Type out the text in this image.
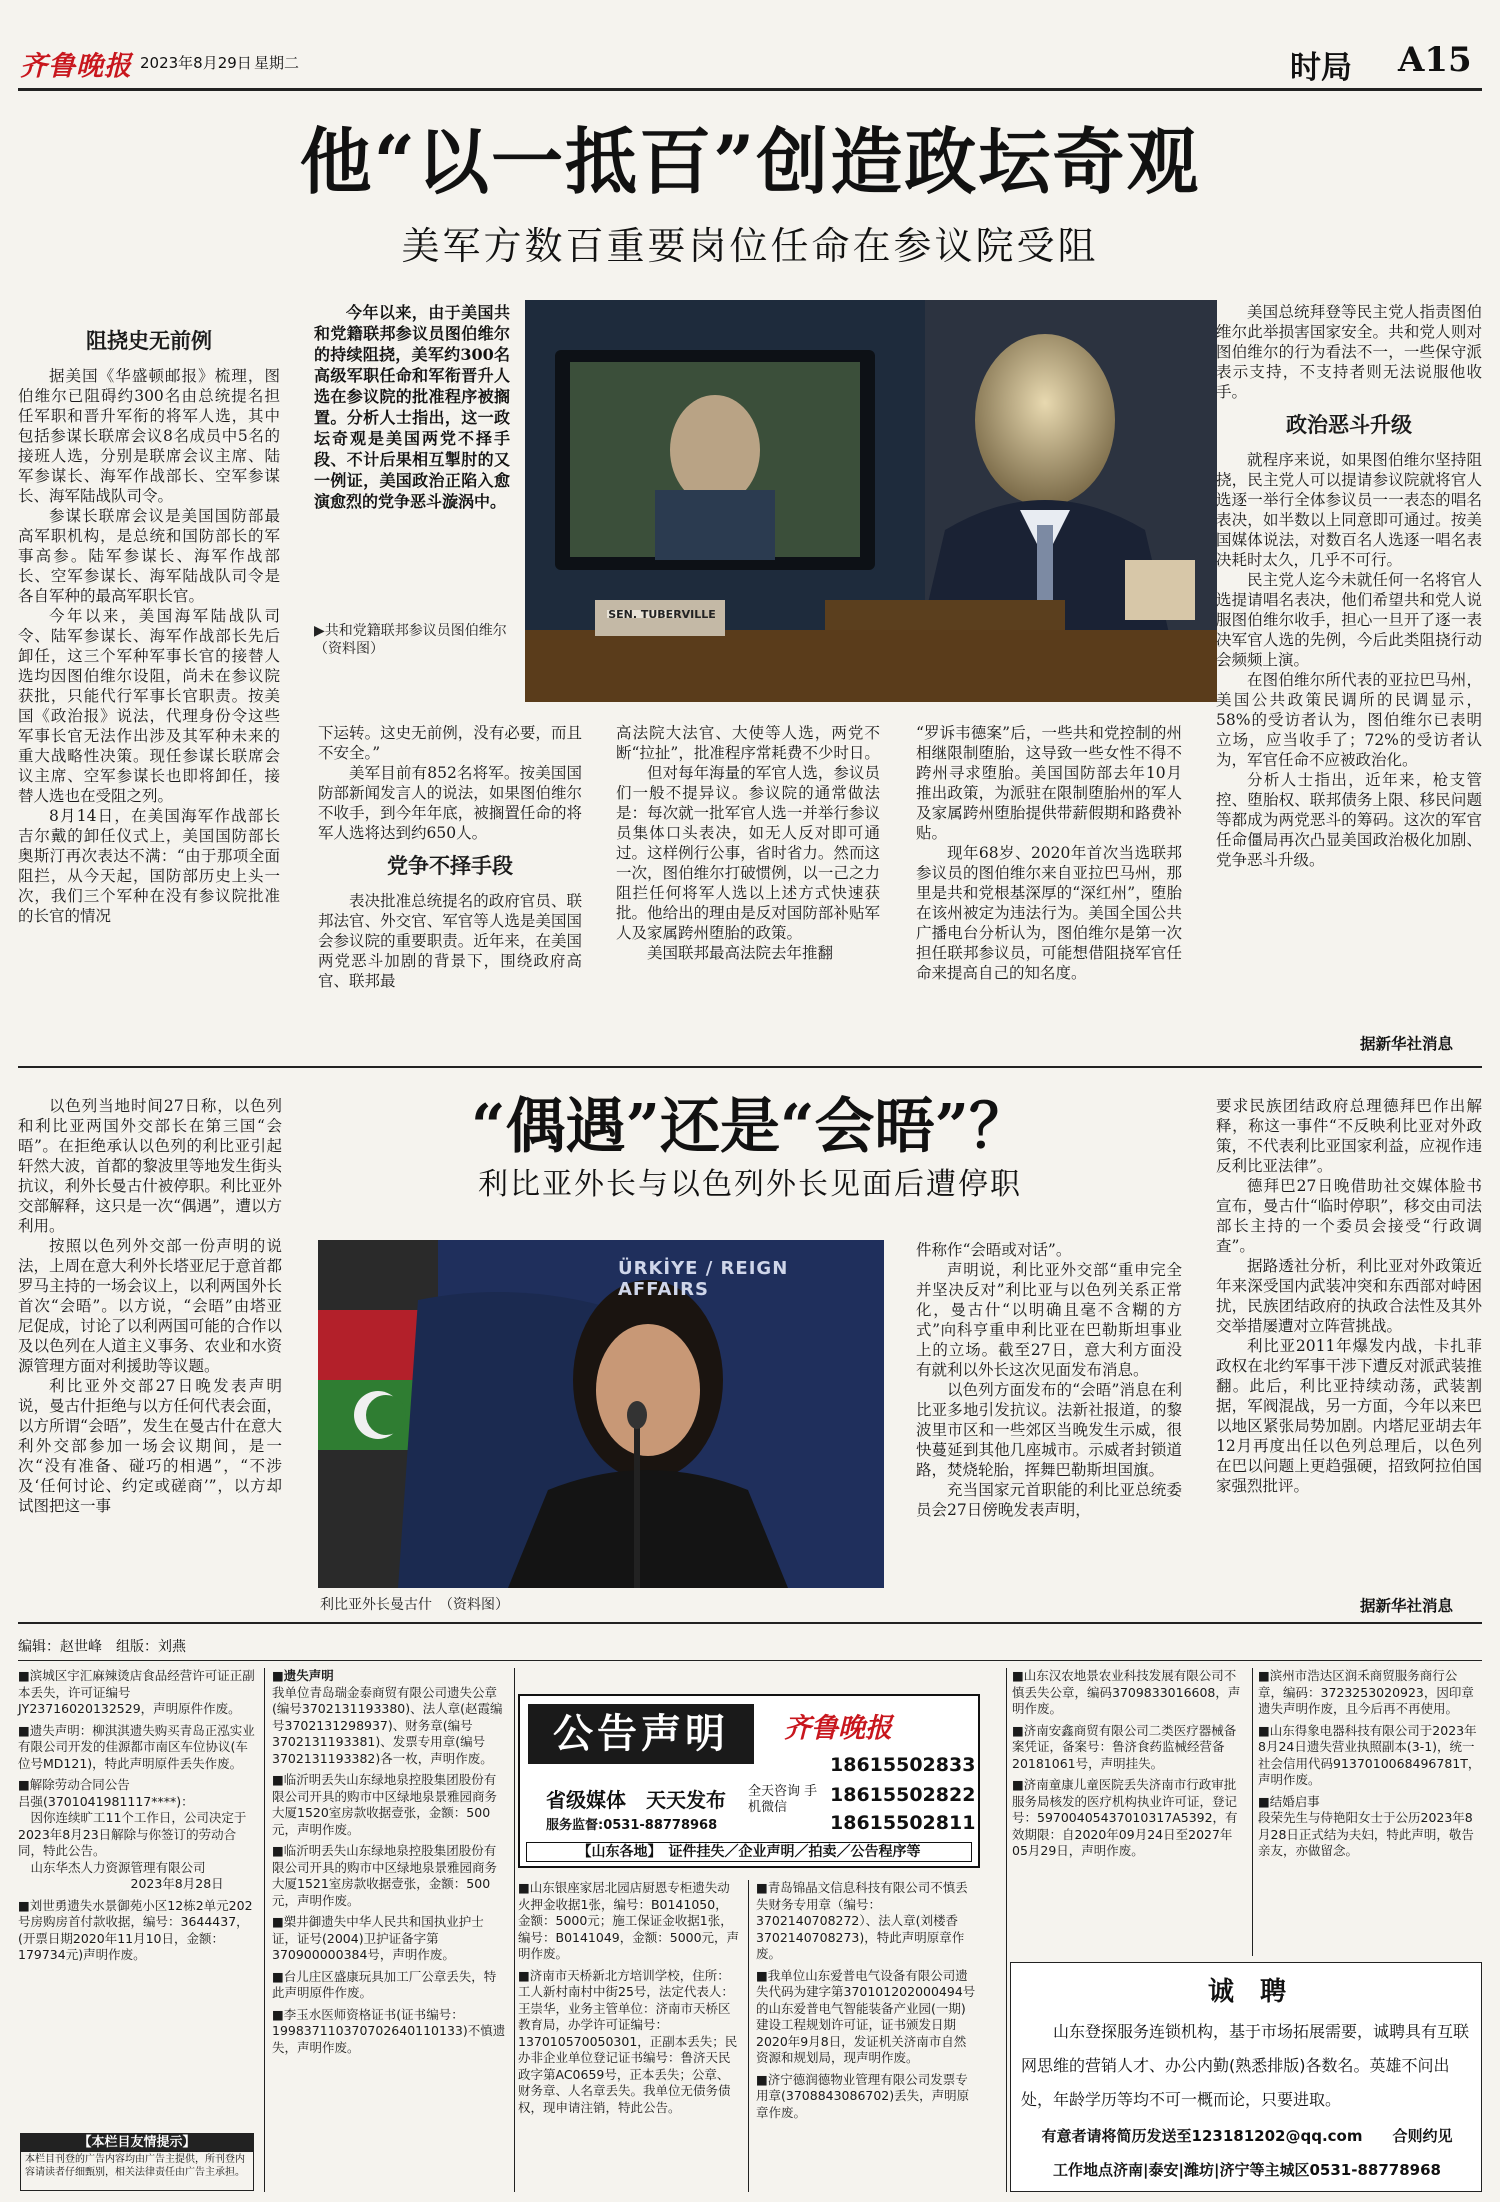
齐鲁晚报 2023年8月29日 星期二	时局 A15
他“以一抵百”创造政坛奇观
美军方数百重要岗位任命在参议院受阻
阻挠史无前例

据美国《华盛顿邮报》梳理，图伯维尔已阻碍约300名由总统提名担任军职和晋升军衔的将军人选，其中包括参谋长联席会议8名成员中5名的接班人选，分别是联席会议主席、陆军参谋长、海军作战部长、空军参谋长、海军陆战队司令。

参谋长联席会议是美国国防部最高军职机构，是总统和国防部长的军事高参。陆军参谋长、海军作战部长、空军参谋长、海军陆战队司令是各自军种的最高军职长官。

今年以来，美国海军陆战队司令、陆军参谋长、海军作战部长先后卸任，这三个军种军事长官的接替人选均因图伯维尔设阻，尚未在参议院获批，只能代行军事长官职责。按美国《政治报》说法，代理身份令这些军事长官无法作出涉及其军种未来的重大战略性决策。现任参谋长联席会议主席、空军参谋长也即将卸任，接替人选也在受阻之列。

8月14日，在美国海军作战部长吉尔戴的卸任仪式上，美国国防部长奥斯汀再次表达不满：“由于那项全面阻拦，从今天起，国防部历史上头一次，我们三个军种在没有参议院批准的长官的情况

今年以来，由于美国共和党籍联邦参议员图伯维尔的持续阻挠，美军约300名高级军职任命和军衔晋升人选在参议院的批准程序被搁置。分析人士指出，这一政坛奇观是美国两党不择手段、不计后果相互掣肘的又一例证，美国政治正陷入愈演愈烈的党争恶斗漩涡中。
▶共和党籍联邦参议员图伯维尔　（资料图）
SEN. TUBERVILLE

下运转。这史无前例，没有必要，而且不安全。”

美军目前有852名将军。按美国国防部新闻发言人的说法，如果图伯维尔不收手，到今年年底，被搁置任命的将军人选将达到约650人。

党争不择手段

表决批准总统提名的政府官员、联邦法官、外交官、军官等人选是美国国会参议院的重要职责。近年来，在美国两党恶斗加剧的背景下，围绕政府高官、联邦最

高法院大法官、大使等人选，两党不断“拉扯”，批准程序常耗费不少时日。

但对每年海量的军官人选，参议员们一般不提异议。参议院的通常做法是：每次就一批军官人选一并举行参议员集体口头表决，如无人反对即可通过。这样例行公事，省时省力。然而这一次，图伯维尔打破惯例，以一己之力阻拦任何将军人选以上述方式快速获批。他给出的理由是反对国防部补贴军人及家属跨州堕胎的政策。

美国联邦最高法院去年推翻

“罗诉韦德案”后，一些共和党控制的州相继限制堕胎，这导致一些女性不得不跨州寻求堕胎。美国国防部去年10月推出政策，为派驻在限制堕胎州的军人及家属跨州堕胎提供带薪假期和路费补贴。

现年68岁、2020年首次当选联邦参议员的图伯维尔来自亚拉巴马州，那里是共和党根基深厚的“深红州”，堕胎在该州被定为违法行为。美国全国公共广播电台分析认为，图伯维尔是第一次担任联邦参议员，可能想借阻挠军官任命来提高自己的知名度。

美国总统拜登等民主党人指责图伯维尔此举损害国家安全。共和党人则对图伯维尔的行为看法不一，一些保守派表示支持，不支持者则无法说服他收手。

政治恶斗升级

就程序来说，如果图伯维尔坚持阻挠，民主党人可以提请参议院就将官人选逐一举行全体参议员一一表态的唱名表决，如半数以上同意即可通过。按美国媒体说法，对数百名人选逐一唱名表决耗时太久，几乎不可行。

民主党人迄今未就任何一名将官人选提请唱名表决，他们希望共和党人说服图伯维尔收手，担心一旦开了逐一表决军官人选的先例，今后此类阻挠行动会频频上演。

在图伯维尔所代表的亚拉巴马州，美国公共政策民调所的民调显示，58%的受访者认为，图伯维尔已表明立场，应当收手了；72%的受访者认为，军官任命不应被政治化。

分析人士指出，近年来，枪支管控、堕胎权、联邦债务上限、移民问题等都成为两党恶斗的筹码。这次的军官任命僵局再次凸显美国政治极化加剧、党争恶斗升级。

据新华社消息
“偶遇”还是“会晤”？
利比亚外长与以色列外长见面后遭停职

以色列当地时间27日称，以色列和利比亚两国外交部长在第三国“会晤”。在拒绝承认以色列的利比亚引起轩然大波，首都的黎波里等地发生街头抗议，利外长曼古什被停职。利比亚外交部解释，这只是一次“偶遇”，遭以方利用。

按照以色列外交部一份声明的说法，上周在意大利外长塔亚尼于意首都罗马主持的一场会议上，以利两国外长首次“会晤”。以方说，“会晤”由塔亚尼促成，讨论了以利两国可能的合作以及以色列在人道主义事务、农业和水资源管理方面对利援助等议题。

利比亚外交部27日晚发表声明说，曼古什拒绝与以方任何代表会面，以方所谓“会晤”，发生在曼古什在意大利外交部参加一场会议期间，是一次“没有准备、碰巧的相遇”，“不涉及‘任何讨论、约定或磋商’”，以方却试图把这一事

ÜRKİYE / REIGN AFFAIRS
利比亚外长曼古什　（资料图）

件称作“会晤或对话”。

声明说，利比亚外交部“重申完全并坚决反对”利比亚与以色列关系正常化，曼古什“以明确且毫不含糊的方式”向科亨重申利比亚在巴勒斯坦事业上的立场。截至27日，意大利方面没有就利以外长这次见面发布消息。

以色列方面发布的“会晤”消息在利比亚多地引发抗议。法新社报道，的黎波里市区和一些郊区当晚发生示威，很快蔓延到其他几座城市。示威者封锁道路，焚烧轮胎，挥舞巴勒斯坦国旗。

充当国家元首职能的利比亚总统委员会27日傍晚发表声明，

要求民族团结政府总理德拜巴作出解释，称这一事件“不反映利比亚对外政策，不代表利比亚国家利益，应视作违反利比亚法律”。

德拜巴27日晚借助社交媒体脸书宣布，曼古什“临时停职”，移交由司法部长主持的一个委员会接受“行政调查”。

据路透社分析，利比亚对外政策近年来深受国内武装冲突和东西部对峙困扰，民族团结政府的执政合法性及其外交举措屡遭对立阵营挑战。

利比亚2011年爆发内战，卡扎菲政权在北约军事干涉下遭反对派武装推翻。此后，利比亚持续动荡，武装割据，军阀混战，另一方面，今年以来巴以地区紧张局势加剧。内塔尼亚胡去年12月再度出任以色列总理后，以色列在巴以问题上更趋强硬，招致阿拉伯国家强烈批评。

据新华社消息
编辑：赵世峰　组版：刘燕

■滨城区宇汇麻辣烫店食品经营许可证正副本丢失，许可证编号JY23716020132529，声明原件作废。

■遗失声明：柳淇淇遗失购买青岛正泓实业有限公司开发的佳源都市南区车位协议(车位号MD121)，特此声明原件丢失作废。

■解除劳动合同公告
吕强(3701041981117****)：
　因你连续旷工11个工作日，公司决定于2023年8月23日解除与你签订的劳动合同，特此公告。
　山东华杰人力资源管理有限公司
　　　　　　　　　2023年8月28日

■刘世勇遗失水景御苑小区12栋2单元202号房购房首付款收据，编号：3644437，(开票日期2020年11月10日，金额：179734元)声明作废。

【本栏目友情提示】
本栏目刊登的广告内容均由广告主提供，所刊登内容请读者仔细甄别，相关法律责任由广告主承担。

■遗失声明
我单位青岛瑞金泰商贸有限公司遗失公章(编号3702131193380)、法人章(赵霞编号3702131298937)、财务章(编号3702131193381)、发票专用章(编号3702131193382)各一枚，声明作废。

■临沂明丢失山东绿地泉控股集团股份有限公司开具的购市中区绿地泉景雅园商务大厦1520室房款收据壹张，金额：500元，声明作废。

■临沂明丢失山东绿地泉控股集团股份有限公司开具的购市中区绿地泉景雅园商务大厦1521室房款收据壹张，金额：500元，声明作废。

■槊井御遗失中华人民共和国执业护士证，证号(2004)卫护证备字第370900000384号，声明作废。

■台儿庄区盛康玩具加工厂公章丢失，特此声明原件作废。

■李玉水医师资格证书(证书编号：199837110370702640110133)不慎遗失，声明作废。

公告声明	齐鲁晚报
18615502833
省级媒体　天天发布 全天咨询 手机微信
18615502822
服务监督:0531-88778968	18615502811
【山东各地】　证件挂失／企业声明／拍卖／公告程序等

■山东银座家居北园店厨恩专柜遗失动火押金收据1张，编号：B0141050，金额：5000元；施工保证金收据1张，编号：B0141049，金额：5000元，声明作废。

■济南市天桥新北方培训学校，住所：工人新村南村中街25号，法定代表人：王崇华，业务主管单位：济南市天桥区教育局，办学许可证编号：137010570050301，正副本丢失；民办非企业单位登记证书编号：鲁济天民政字第AC0659号，正本丢失；公章、财务章、人名章丢失。我单位无债务债权，现申请注销，特此公告。

■青岛锦晶文信息科技有限公司不慎丢失财务专用章（编号：3702140708272）、法人章(刘楼香3702140708273)，特此声明原章作废。

■我单位山东爱普电气设备有限公司遗失代码为建字第370101202000494号的山东爱普电气智能装备产业园(一期)建设工程规划许可证，证书颁发日期2020年9月8日，发证机关济南市自然资源和规划局，现声明作废。

■济宁德润德物业管理有限公司发票专用章(370884308670​2)丢失，声明原章作废。

■山东汉农地景农业科技发展有限公司不慎丢失公章，编码3709833016608，声明作废。

■济南安鑫商贸有限公司二类医疗器械备案凭证，备案号：鲁济食药监械经营备20181061号，声明挂失。

■济南童康儿童医院丢失济南市行政审批服务局核发的医疗机构执业许可证，登记号：59700405437010317A5392，有效期限：自2020年09月24日至2027年05月29日，声明作废。

■滨州市浩达区润禾商贸服务商行公章，编码：3723253020923，因印章遗失声明作废，且今后再不再使用。

■山东得象电器科技有限公司于2023年8月24日遗失营业执照副本(3-1)，统一社会信用代码913701006849​6781T，声明作废。

■结婚启事
段荣先生与侍艳阳女士于公历2023年8月28日正式结为夫妇，特此声明，敬告亲友，亦做留念。

诚　聘
山东登探服务连锁机构，基于市场拓展需要，诚聘具有互联网思维的营销人才、办公内勤(熟悉排版)各数名。英雄不问出处，年龄学历等均不可一概而论，只要进取。
有意者请将简历发送至123181202@qq.com　　合则约见
工作地点济南|泰安|潍坊|济宁等主城区0531-88778968
